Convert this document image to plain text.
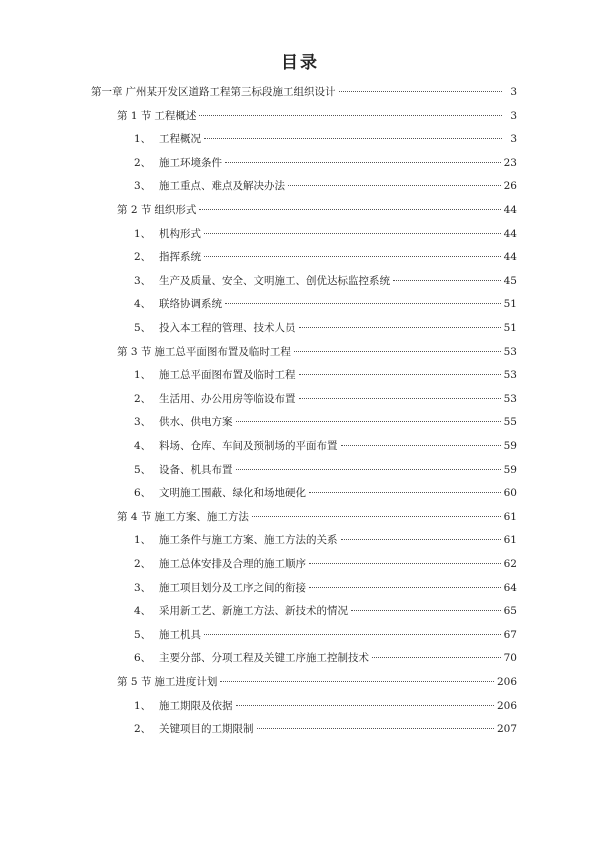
目录
第一章 广州某开发区道路工程第三标段施工组织设计	3
第 1 节 工程概述	3
1、 工程概况	3
2、 施工环境条件	23
3、 施工重点、难点及解决办法	26
第 2 节 组织形式	44
1、 机构形式	44
2、 指挥系统	44
3、 生产及质量、安全、文明施工、创优达标监控系统	45
4、 联络协调系统	51
5、 投入本工程的管理、技术人员	51
第 3 节 施工总平面图布置及临时工程	53
1、 施工总平面图布置及临时工程	53
2、 生活用、办公用房等临设布置	53
3、 供水、供电方案	55
4、 料场、仓库、车间及预制场的平面布置	59
5、 设备、机具布置	59
6、 文明施工围蔽、绿化和场地硬化	60
第 4 节 施工方案、施工方法	61
1、 施工条件与施工方案、施工方法的关系	61
2、 施工总体安排及合理的施工顺序	62
3、 施工项目划分及工序之间的衔接	64
4、 采用新工艺、新施工方法、新技术的情况	65
5、 施工机具	67
6、 主要分部、分项工程及关键工序施工控制技术	70
第 5 节 施工进度计划	206
1、 施工期限及依据	206
2、 关键项目的工期限制	207
